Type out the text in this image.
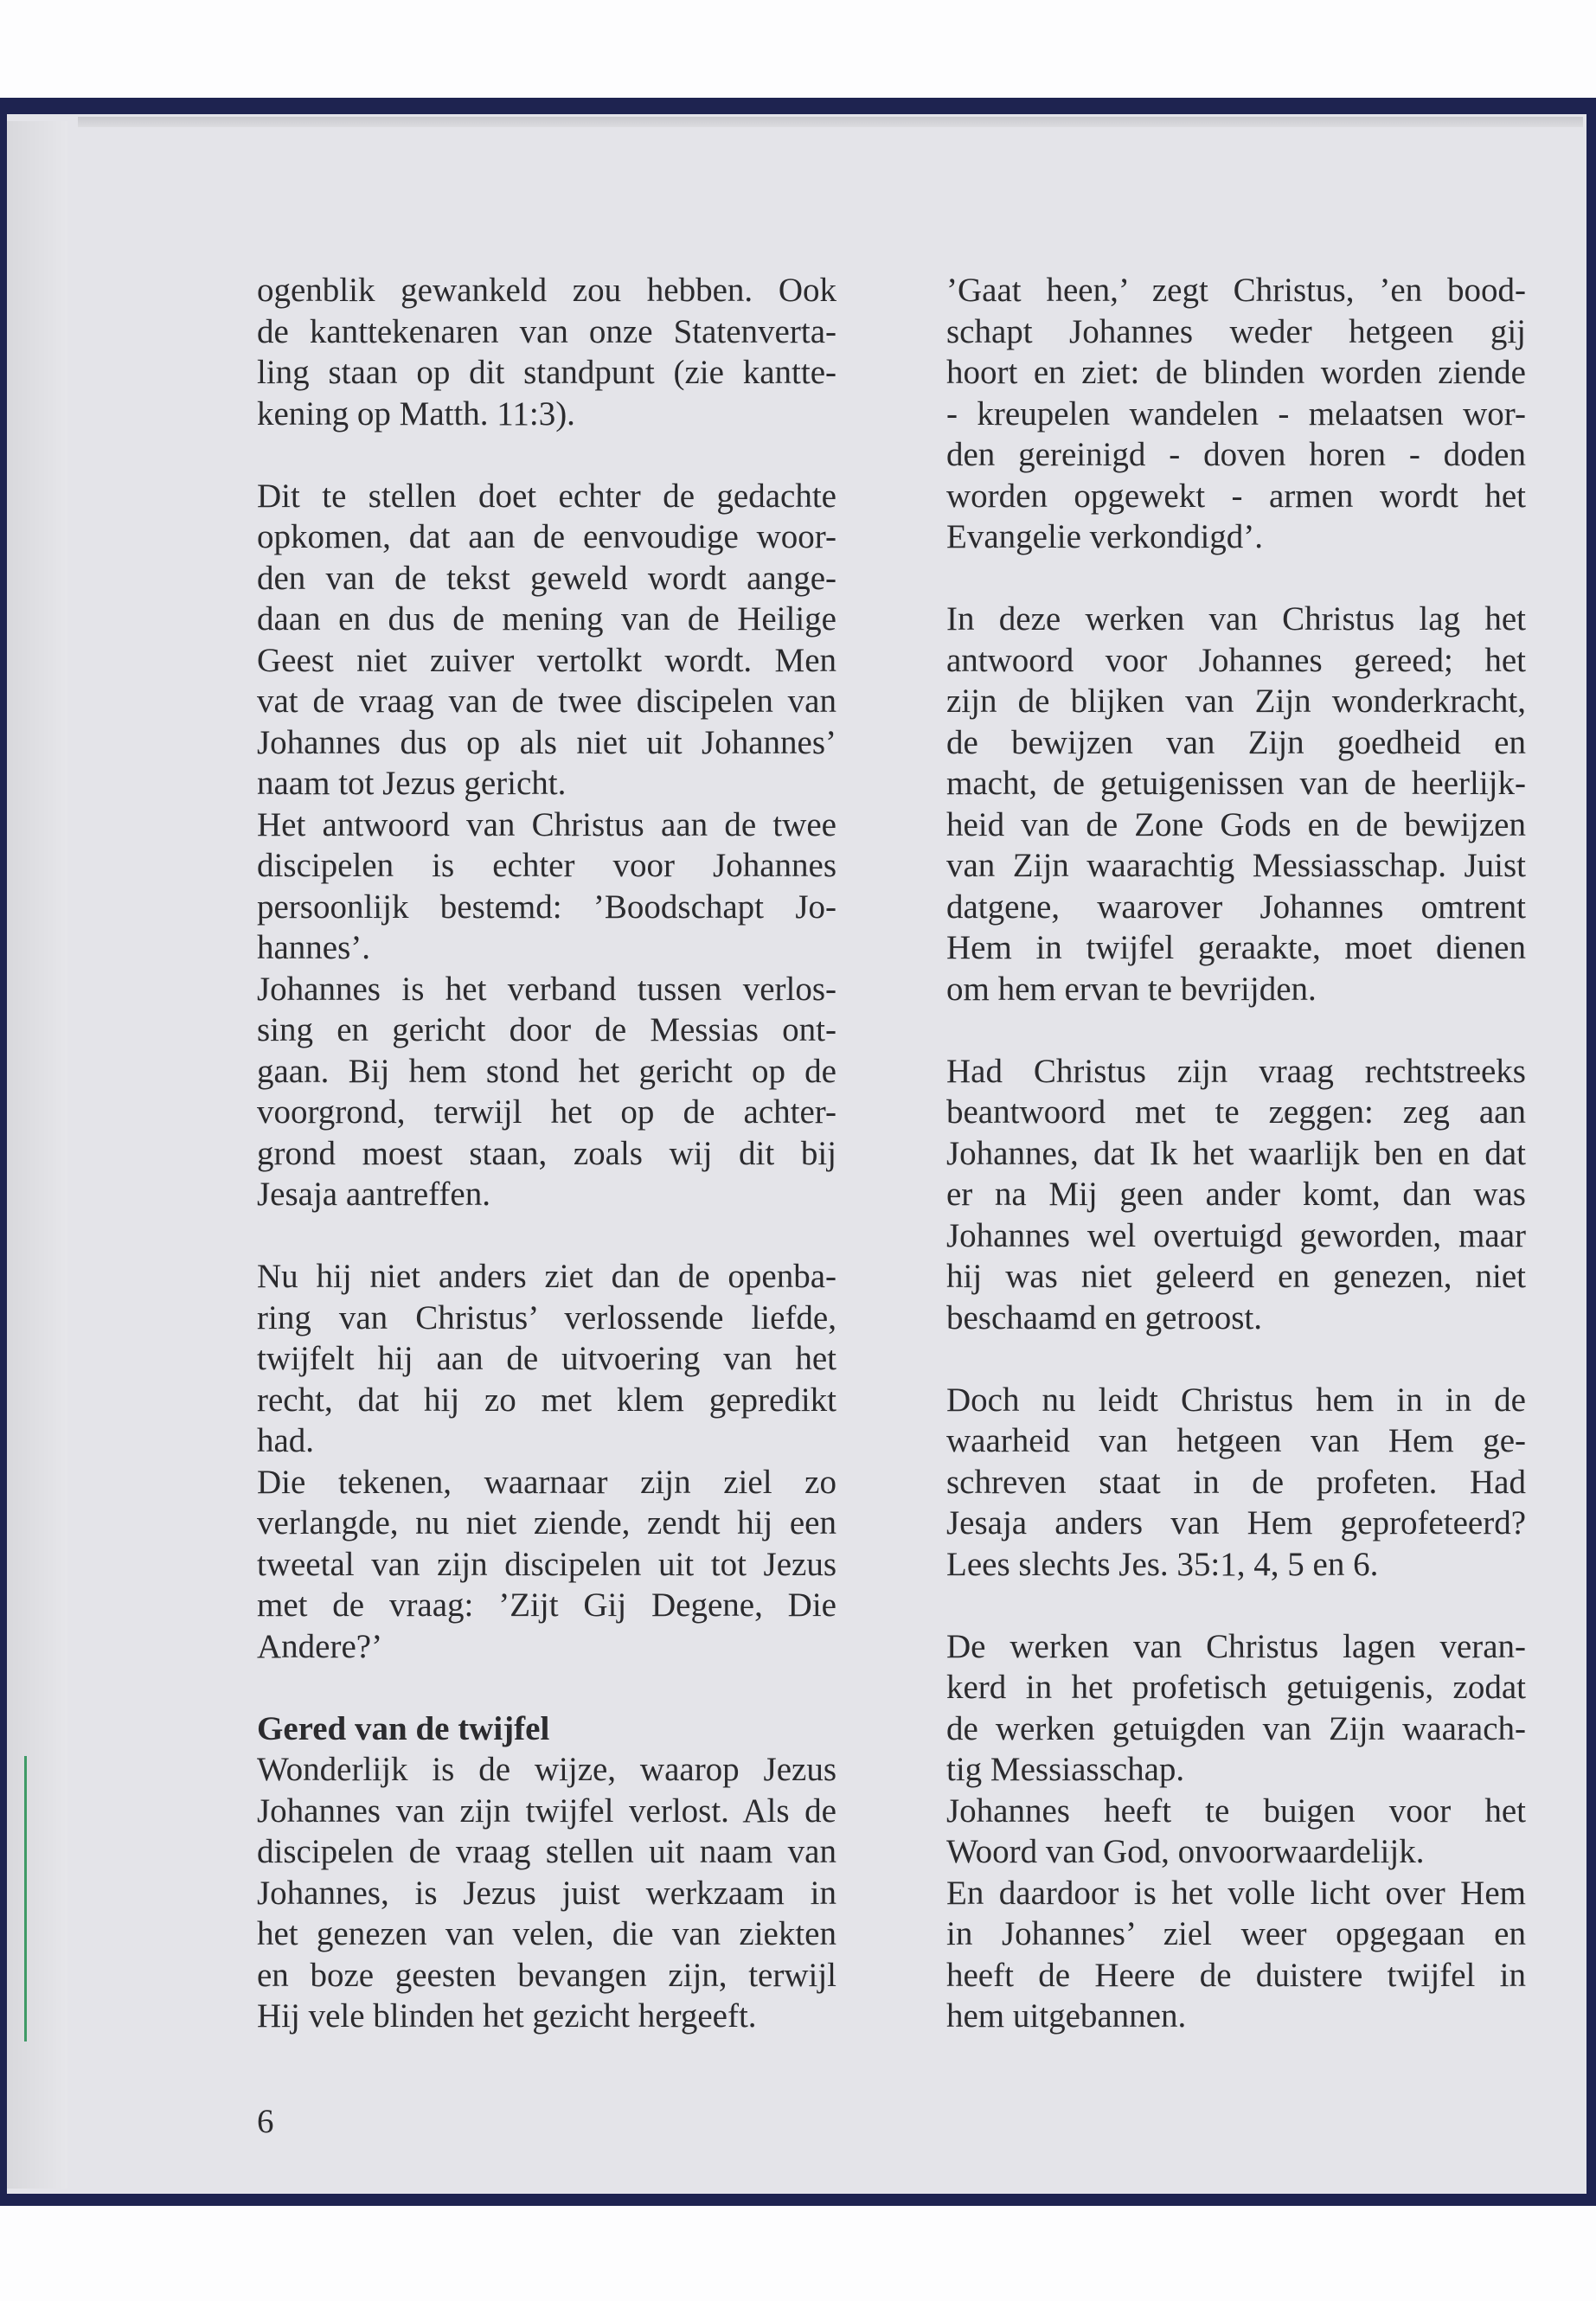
ogenblik gewankeld zou hebben. Ook
de kanttekenaren van onze Statenverta-
ling staan op dit standpunt (zie kantte-
kening op Matth. 11:3).
Dit te stellen doet echter de gedachte
opkomen, dat aan de eenvoudige woor-
den van de tekst geweld wordt aange-
daan en dus de mening van de Heilige
Geest niet zuiver vertolkt wordt. Men
vat de vraag van de twee discipelen van
Johannes dus op als niet uit Johannes’
naam tot Jezus gericht.
Het antwoord van Christus aan de twee
discipelen is echter voor Johannes
persoonlijk bestemd: ’Boodschapt Jo-
hannes’.
Johannes is het verband tussen verlos-
sing en gericht door de Messias ont-
gaan. Bij hem stond het gericht op de
voorgrond, terwijl het op de achter-
grond moest staan, zoals wij dit bij
Jesaja aantreffen.
Nu hij niet anders ziet dan de openba-
ring van Christus’ verlossende liefde,
twijfelt hij aan de uitvoering van het
recht, dat hij zo met klem gepredikt
had.
Die tekenen, waarnaar zijn ziel zo
verlangde, nu niet ziende, zendt hij een
tweetal van zijn discipelen uit tot Jezus
met de vraag: ’Zijt Gij Degene, Die
Andere?’
Gered van de twijfel
Wonderlijk is de wijze, waarop Jezus
Johannes van zijn twijfel verlost. Als de
discipelen de vraag stellen uit naam van
Johannes, is Jezus juist werkzaam in
het genezen van velen, die van ziekten
en boze geesten bevangen zijn, terwijl
Hij vele blinden het gezicht hergeeft.
’Gaat heen,’ zegt Christus, ’en bood-
schapt Johannes weder hetgeen gij
hoort en ziet: de blinden worden ziende
- kreupelen wandelen - melaatsen wor-
den gereinigd - doven horen - doden
worden opgewekt - armen wordt het
Evangelie verkondigd’.
In deze werken van Christus lag het
antwoord voor Johannes gereed; het
zijn de blijken van Zijn wonderkracht,
de bewijzen van Zijn goedheid en
macht, de getuigenissen van de heerlijk-
heid van de Zone Gods en de bewijzen
van Zijn waarachtig Messiasschap. Juist
datgene, waarover Johannes omtrent
Hem in twijfel geraakte, moet dienen
om hem ervan te bevrijden.
Had Christus zijn vraag rechtstreeks
beantwoord met te zeggen: zeg aan
Johannes, dat Ik het waarlijk ben en dat
er na Mij geen ander komt, dan was
Johannes wel overtuigd geworden, maar
hij was niet geleerd en genezen, niet
beschaamd en getroost.
Doch nu leidt Christus hem in in de
waarheid van hetgeen van Hem ge-
schreven staat in de profeten. Had
Jesaja anders van Hem geprofeteerd?
Lees slechts Jes. 35:1, 4, 5 en 6.
De werken van Christus lagen veran-
kerd in het profetisch getuigenis, zodat
de werken getuigden van Zijn waarach-
tig Messiasschap.
Johannes heeft te buigen voor het
Woord van God, onvoorwaardelijk.
En daardoor is het volle licht over Hem
in Johannes’ ziel weer opgegaan en
heeft de Heere de duistere twijfel in
hem uitgebannen.
6
